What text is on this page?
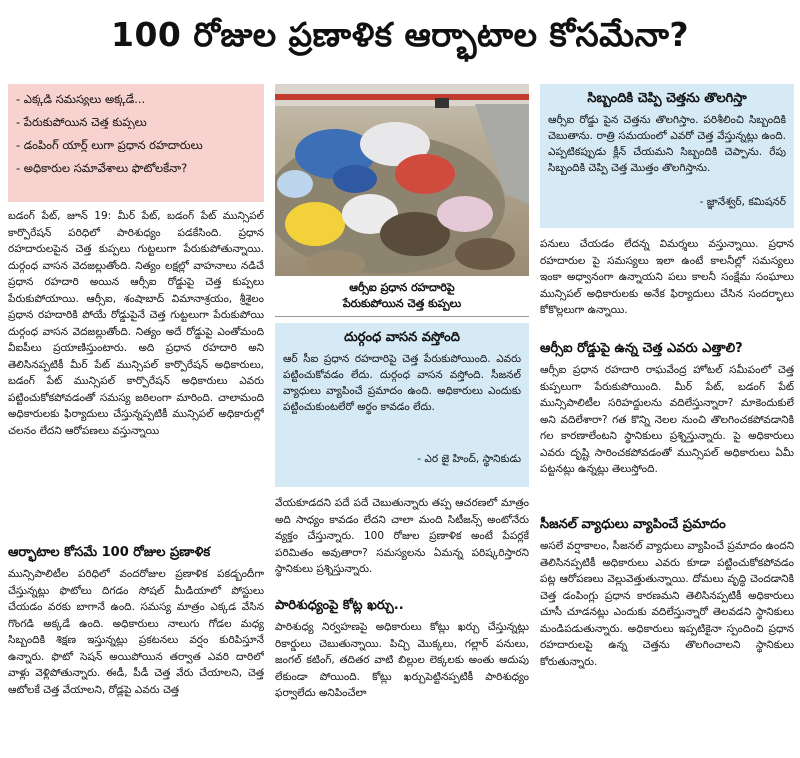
100 రోజుల ప్రణాళిక ఆర్భాటాల కోసమేనా?
- ఎక్కడి సమస్యలు అక్కడే...
- పేరుకుపోయిన చెత్త కుప్పలు
- డంపింగ్ యార్డ్ లుగా ప్రధాన రహదారులు
- అధికారుల సమావేశాలు ఫొటోలకేనా?

బడంగ్ పేట్, జూన్ 19: మీర్ పేట్, బడంగ్ పేట్ మున్సిపల్ కార్పొరేషన్ పరిధిలో పారిశుధ్యం పడకేసింది. ప్రధాన రహదారులపైన చెత్త కుప్పలు గుట్టలుగా పేరుకుపోతున్నాయి. దుర్గంధ వాసన వెదజల్లుతోంది. నిత్యం లక్షల్లో వాహనాలు నడిచే ప్రధాన రహదారి అయిన ఆర్సీఐ రోడ్డుపై చెత్త కుప్పలు పేరుకుపోయాయి. ఆర్సీఐ, శంషాబాద్ విమానాశ్రయం, శ్రీశైలం ప్రధాన రహదారికి పోయే రోడ్డుపైనే చెత్త గుట్టలుగా పేరుకుపోయి దుర్గంధ వాసన వెదజల్లుతోంది. నిత్యం అదే రోడ్డుపై ఎంతోమంది వీఐపీలు ప్రయాణిస్తుంటారు. అది ప్రధాన రహదారి అని తెలిసినప్పటికీ మీర్ పేట్ మున్సిపల్ కార్పొరేషన్ అధికారులు, బడంగ్ పేట్ మున్సిపల్ కార్పొరేషన్ అధికారులు ఎవరు పట్టించుకోకపోవడంతో సమస్య జఠిలంగా మారింది. చాలామంది అధికారులకు ఫిర్యాదులు చేస్తున్నప్పటికీ మున్సిపల్ అధికారుల్లో చలనం లేదని ఆరోపణలు వస్తున్నాయి

ఆర్భాటాల కోసమే 100 రోజుల ప్రణాళిక

మున్సిపాలిటీల పరిధిలో వందరోజుల ప్రణాళిక పకడ్బందీగా చేస్తున్నట్లు ఫొటోలు దిగడం సోషల్ మీడియాలో పోస్టులు చేయడం వరకు బాగానే ఉంది. సమస్య మాత్రం ఎక్కడ వేసిన గొంగడి అక్కడే ఉంది. అధికారులు నాలుగు గోడల మధ్య సిబ్బందికి శిక్షణ ఇస్తున్నట్లు ప్రకటనలు వర్షం కురిపిస్తూనే ఉన్నారు. ఫొటో సెషన్ అయిపోయిన తర్వాత ఎవరి దారిలో వాళ్లు వెళ్లిపోతున్నారు. ఈడీ, పీడీ చెత్త వేరు చేయాలని, చెత్త ఆటోలకే చెత్త వేయాలని, రోడ్లపై ఎవరు చెత్త

ఆర్సీఐ ప్రధాన రహదారిపై
పేరుకుపోయిన చెత్త కుప్పలు
దుర్గంధ వాసన వస్తోంది

ఆర్ సీఐ ప్రధాన రహదారిపై చెత్త పేరుకుపోయింది. ఎవరు పట్టించుకోవడం లేదు. దుర్గంధ వాసన వస్తోంది. సీజనల్ వ్యాధులు వ్యాపించే ప్రమాదం ఉంది. అధికారులు ఎందుకు పట్టించుకుంటలేరో అర్థం కావడం లేదు.

- ఎర జై హింద్, స్థానికుడు

వేయకూడదని పదే పదే చెబుతున్నారు తప్ప ఆచరణలో మాత్రం అది సాధ్యం కావడం లేదని చాలా మంది సిటీజన్స్ అంటోనేరు వ్యక్తం చేస్తున్నారు. 100 రోజుల ప్రణాళిక అంటే పేపర్లకే పరిమితం అవుతారా? సమస్యలను ఏమన్న పరిష్కరిస్తారని స్థానికులు ప్రశ్నిస్తున్నారు.

పారిశుధ్యంపై కోట్ల ఖర్చు..

పారిశుధ్య నిర్వహణపై అధికారులు కోట్లు ఖర్చు చేస్తున్నట్లు రికార్డులు చెబుతున్నాయి. పిచ్చి మొక్కలు, గల్లార్ పనులు, జంగల్ కటింగ్, తదితర వాటి బిల్లుల లెక్కలకు అంతు అదుపు లేకుండా పోయింది. కోట్లు ఖర్చుపెట్టినప్పటికీ పారిశుధ్యం ఫర్వాలేదు అనిపించేలా

సిబ్బందికి చెప్పి చెత్తను తొలగిస్తా

ఆర్సీఐ రోడ్డు పైన చెత్తను తొలగిస్తాం. పరిశీలించి సిబ్బందికి చెబుతాను. రాత్రి సమయంలో ఎవరో చెత్త వేస్తున్నట్లు ఉంది. ఎప్పటికప్పుడు క్లీన్ చేయమని సిబ్బందికి చెప్పాను. రేపు సిబ్బందికి చెప్పి చెత్త మొత్తం తొలగిస్తాను.

- జ్ఞానేశ్వర్, కమిషనర్

పనులు చేయడం లేదన్న విమర్శలు వస్తున్నాయి. ప్రధాన రహదారుల పై సమస్యలు ఇలా ఉంటే కాలనీల్లో సమస్యలు ఇంకా అధ్వానంగా ఉన్నాయని పలు కాలనీ సంక్షేమ సంఘాలు మున్సిపల్ అధికారులకు అనేక ఫిర్యాదులు చేసిన సందర్భాలు కోకొల్లలుగా ఉన్నాయి.

ఆర్సీఐ రోడ్డుపై ఉన్న చెత్త ఎవరు ఎత్తాలి?

ఆర్సీఐ ప్రధాన రహదారి రాఘవేంద్ర హోటల్ సమీపంలో చెత్త కుప్పలుగా పేరుకుపోయింది. మీర్ పేట్, బడంగ్ పేట్ మున్సిపాలిటీల సరిహద్దులను వదిలేస్తున్నారా? మాకెందుకులే అని వదిలేశారా? గత కొన్ని నెలల నుంచి తొలగించకపోవడానికి గల కారణాలేంటని స్థానికులు ప్రశ్నిస్తున్నారు. పై అధికారులు ఎవరు దృష్టి సారించకపోవడంతో మున్సిపల్ అధికారులు ఏమీ పట్టనట్లు ఉన్నట్లు తెలుస్తోంది.

సీజనల్ వ్యాధులు వ్యాపించే ప్రమాదం

అసలే వర్షాకాలం, సీజనల్ వ్యాధులు వ్యాపించే ప్రమాదం ఉందని తెలిసినప్పటికీ అధికారులు ఎవరు కూడా పట్టించుకోకపోవడం పట్ల ఆరోపణలు వెల్లువెత్తుతున్నాయి. దోమలు వృద్ధి చెందడానికి చెత్త డంపింగ్లు ప్రధాన కారణమని తెలిసినప్పటికీ అధికారులు చూసీ చూడనట్లు ఎందుకు వదిలేస్తున్నారో తెలవడని స్థానికులు మండిపడుతున్నారు. అధికారులు ఇప్పటికైనా స్పందించి ప్రధాన రహదారులపై ఉన్న చెత్తను తొలగించాలని స్థానికులు కోరుతున్నారు.
